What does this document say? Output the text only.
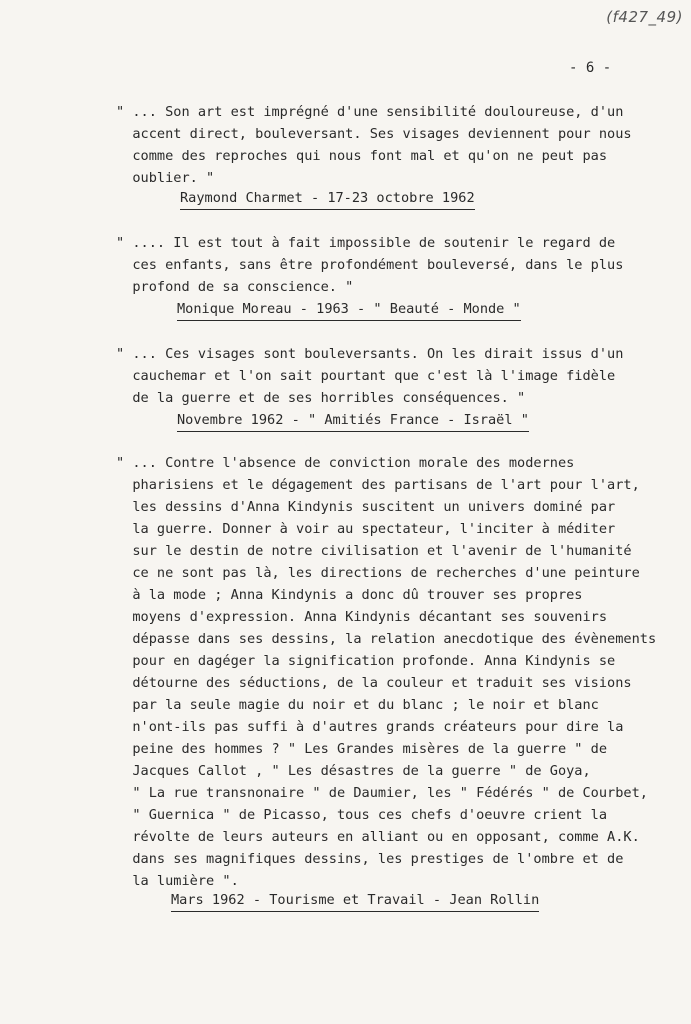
(f427_49)
- 6 -

" ... Son art est imprégné d'une sensibilité douloureuse, d'un
accent direct, bouleversant. Ses visages deviennent pour nous
comme des reproches qui nous font mal et qu'on ne peut pas
oublier. "

Raymond Charmet - 17-23 octobre 1962

" .... Il est tout à fait impossible de soutenir le regard de
ces enfants, sans être profondément bouleversé, dans le plus
profond de sa conscience. "

Monique Moreau - 1963 - " Beauté - Monde "

" ... Ces visages sont bouleversants. On les dirait issus d'un
cauchemar et l'on sait pourtant que c'est là l'image fidèle
de la guerre et de ses horribles conséquences. "

Novembre 1962 - " Amitiés France - Israël "

" ... Contre l'absence de conviction morale des modernes
pharisiens et le dégagement des partisans de l'art pour l'art,
les dessins d'Anna Kindynis suscitent un univers dominé par
la guerre. Donner à voir au spectateur, l'inciter à méditer
sur le destin de notre civilisation et l'avenir de l'humanité
ce ne sont pas là, les directions de recherches d'une peinture
à la mode ; Anna Kindynis a donc dû trouver ses propres
moyens d'expression. Anna Kindynis décantant ses souvenirs
dépasse dans ses dessins, la relation anecdotique des évènements
pour en dagéger la signification profonde. Anna Kindynis se
détourne des séductions, de la couleur et traduit ses visions
par la seule magie du noir et du blanc ; le noir et blanc
n'ont-ils pas suffi à d'autres grands créateurs pour dire la
peine des hommes ? " Les Grandes misères de la guerre " de
Jacques Callot , " Les désastres de la guerre " de Goya,
" La rue transnonaire " de Daumier, les " Fédérés " de Courbet,
" Guernica " de Picasso, tous ces chefs d'oeuvre crient la
révolte de leurs auteurs en alliant ou en opposant, comme A.K.
dans ses magnifiques dessins, les prestiges de l'ombre et de
la lumière ".

Mars 1962 - Tourisme et Travail - Jean Rollin
